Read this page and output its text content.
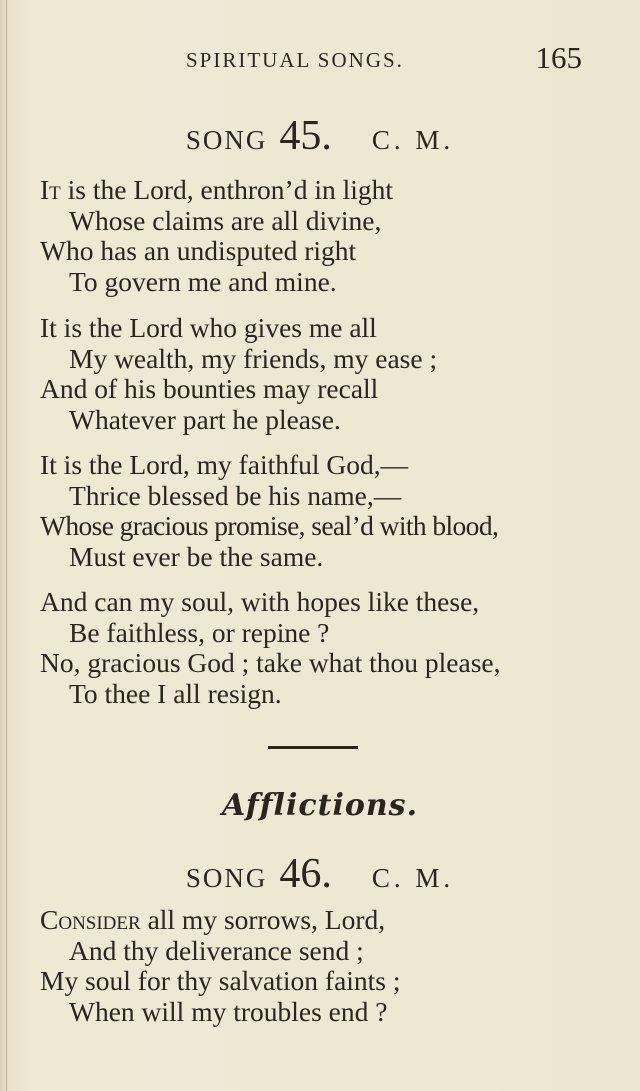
SPIRITUAL SONGS.	165
SONG 45. C. M.
It is the Lord, enthron’d in light
Whose claims are all divine,
Who has an undisputed right
To govern me and mine.
It is the Lord who gives me all
My wealth, my friends, my ease ;
And of his bounties may recall
Whatever part he please.
It is the Lord, my faithful God,—
Thrice blessed be his name,—
Whose gracious promise, seal’d with blood,
Must ever be the same.
And can my soul, with hopes like these,
Be faithless, or repine ?
No, gracious God ; take what thou please,
To thee I all resign.
Afflictions.
SONG 46. C. M.
Consider all my sorrows, Lord,
And thy deliverance send ;
My soul for thy salvation faints ;
When will my troubles end ?
